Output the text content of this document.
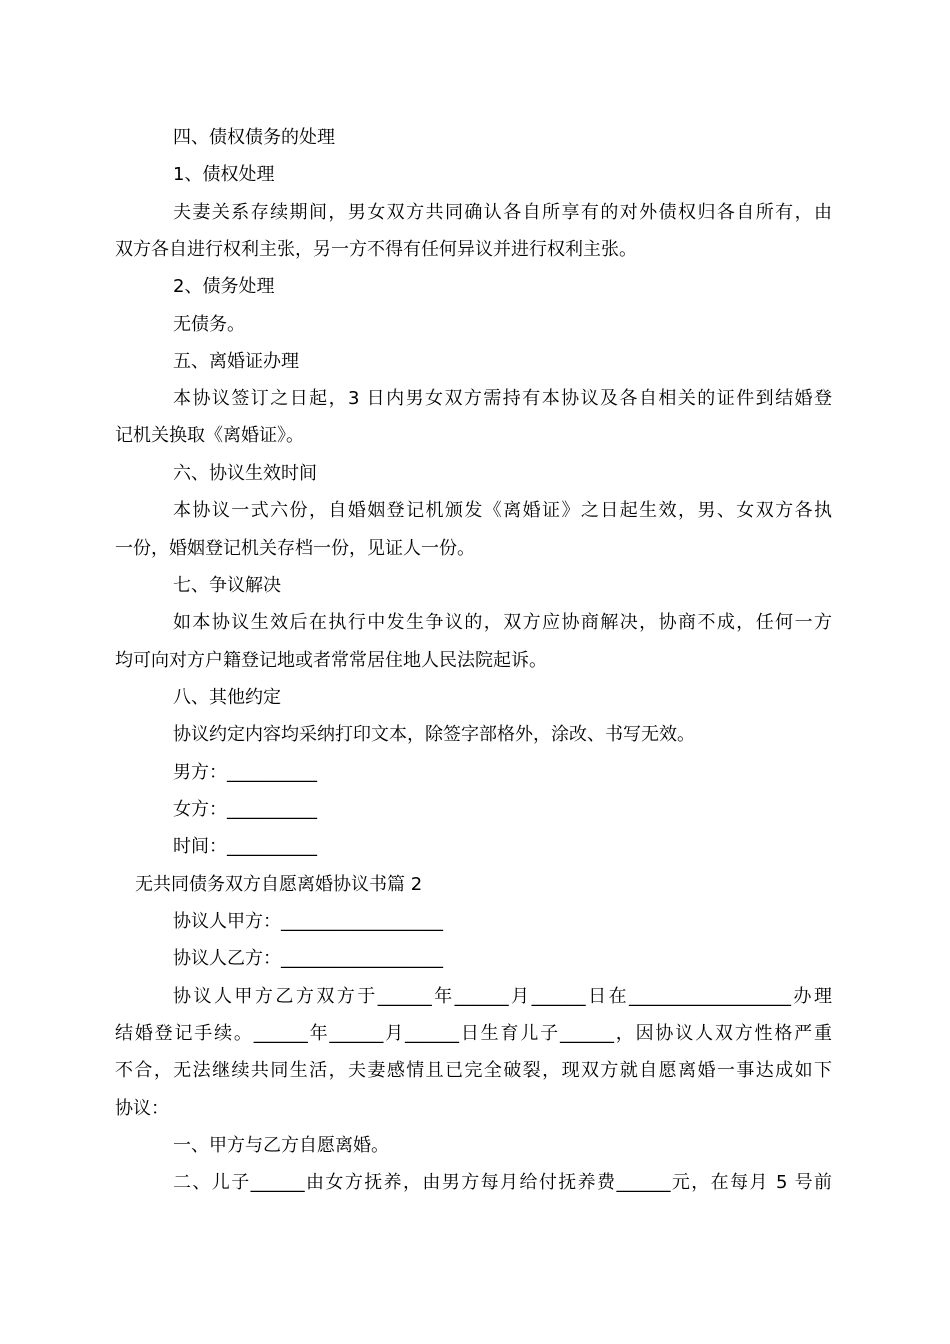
四、债权债务的处理

1、债权处理

夫妻关系存续期间，男女双方共同确认各自所享有的对外债权归各自所有，由

双方各自进行权利主张，另一方不得有任何异议并进行权利主张。

2、债务处理

无债务。

五、离婚证办理

本协议签订之日起，3 日内男女双方需持有本协议及各自相关的证件到结婚登

记机关换取《离婚证》。

六、协议生效时间

本协议一式六份，自婚姻登记机颁发《离婚证》之日起生效，男、女双方各执

一份，婚姻登记机关存档一份，见证人一份。

七、争议解决

如本协议生效后在执行中发生争议的，双方应协商解决，协商不成，任何一方

均可向对方户籍登记地或者常常居住地人民法院起诉。

八、其他约定

协议约定内容均采纳打印文本，除签字部格外，涂改、书写无效。

男方：__________

女方：__________

时间：__________

无共同债务双方自愿离婚协议书篇 2

协议人甲方：__________________

协议人乙方：__________________

协议人甲方乙方双方于______年______月______日在__________________办理

结婚登记手续。______年______月______日生育儿子______，因协议人双方性格严重

不合，无法继续共同生活，夫妻感情且已完全破裂，现双方就自愿离婚一事达成如下

协议：

一、甲方与乙方自愿离婚。

二、儿子______由女方抚养，由男方每月给付抚养费______元，在每月 5 号前
